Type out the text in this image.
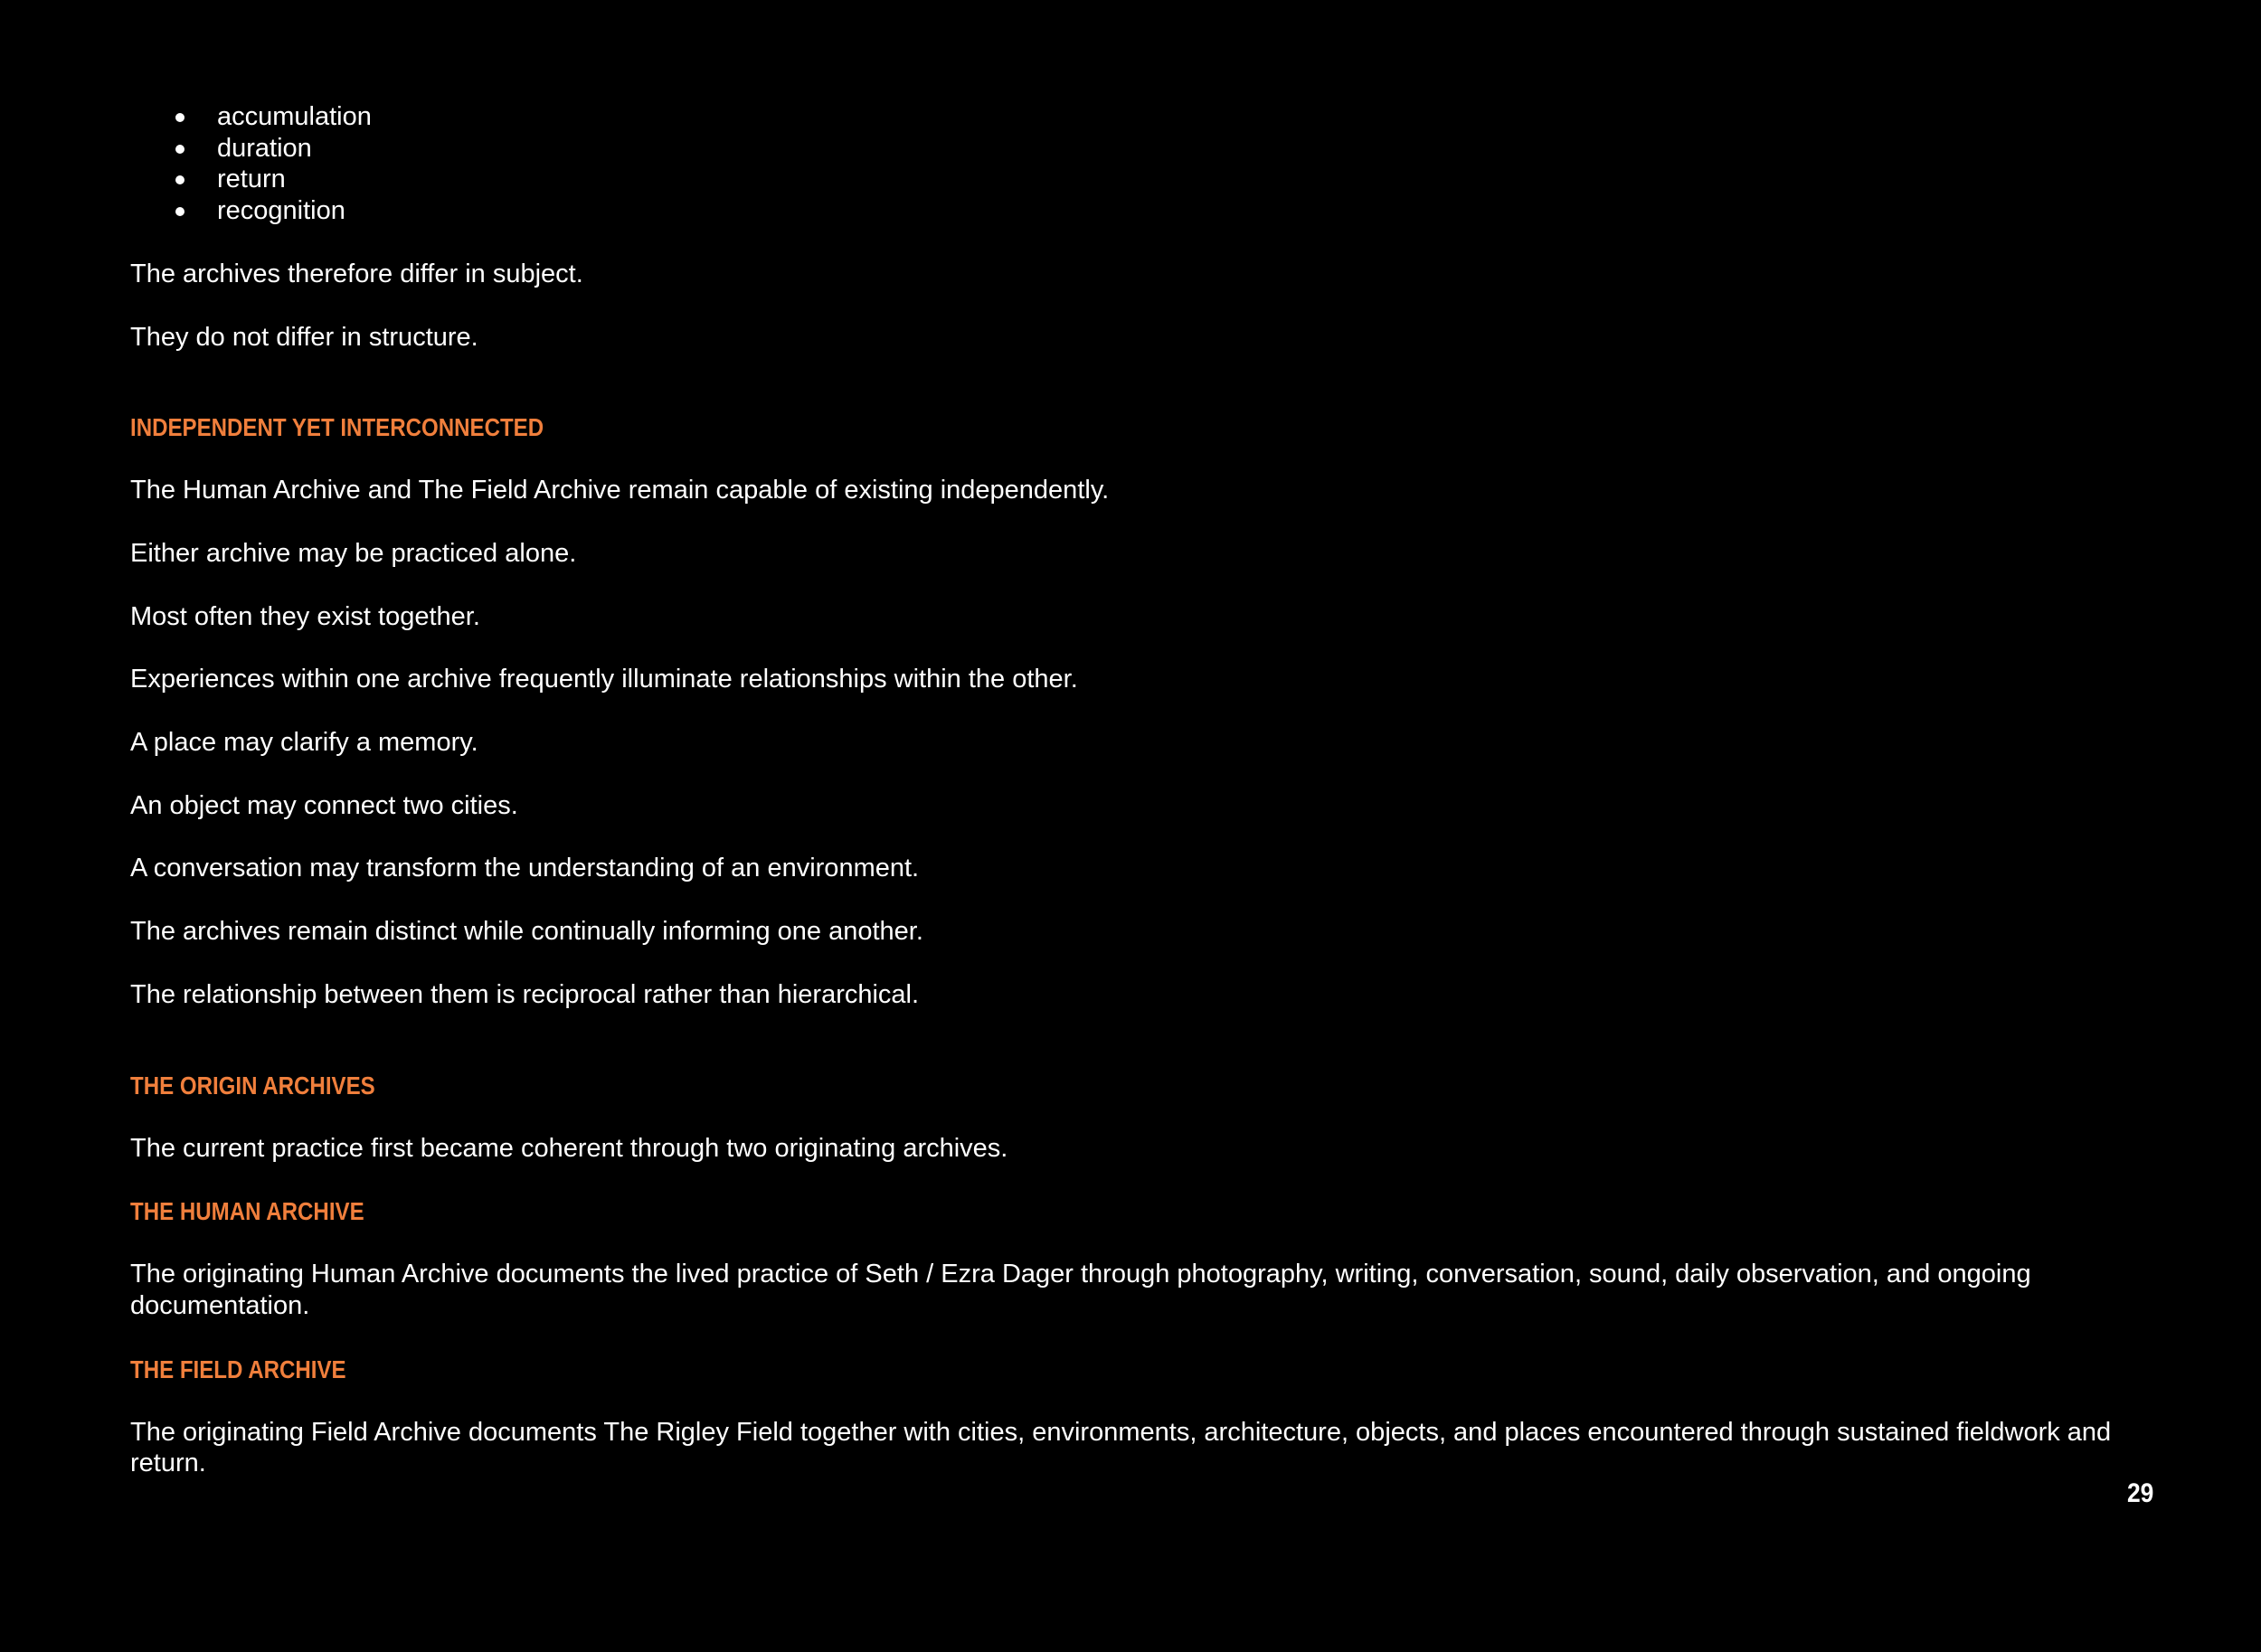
accumulation
duration
return
recognition

The archives therefore differ in subject.

They do not differ in structure.

INDEPENDENT YET INTERCONNECTED

The Human Archive and The Field Archive remain capable of existing independently.

Either archive may be practiced alone.

Most often they exist together.

Experiences within one archive frequently illuminate relationships within the other.

A place may clarify a memory.

An object may connect two cities.

A conversation may transform the understanding of an environment.

The archives remain distinct while continually informing one another.

The relationship between them is reciprocal rather than hierarchical.

THE ORIGIN ARCHIVES

The current practice first became coherent through two originating archives.

THE HUMAN ARCHIVE

The originating Human Archive documents the lived practice of Seth / Ezra Dager through photography, writing, conversation, sound, daily observation, and ongoing documentation.

THE FIELD ARCHIVE

The originating Field Archive documents The Rigley Field together with cities, environments, architecture, objects, and places encountered through sustained fieldwork and return.

29
